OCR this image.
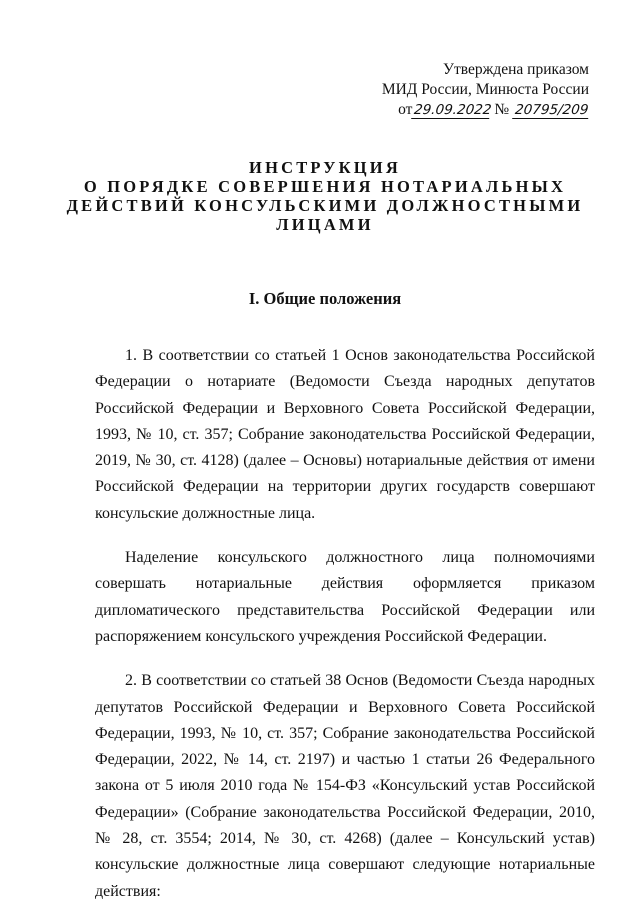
Утверждена приказом
МИД России, Минюста России
от29.09.2022 № 20795/209
ИНСТРУКЦИЯ
О ПОРЯДКЕ СОВЕРШЕНИЯ НОТАРИАЛЬНЫХ
ДЕЙСТВИЙ КОНСУЛЬСКИМИ ДОЛЖНОСТНЫМИ
ЛИЦАМИ
I. Общие положения

1. В соответствии со статьей 1 Основ законодательства Российской Федерации о нотариате (Ведомости Съезда народных депутатов Российской Федерации и Верховного Совета Российской Федерации, 1993, № 10, ст. 357; Собрание законодательства Российской Федерации, 2019, № 30, ст. 4128) (далее – Основы) нотариальные действия от имени Российской Федерации на территории других государств совершают консульские должностные лица.

Наделение консульского должностного лица полномочиями совершать нотариальные действия оформляется приказом дипломатического представительства Российской Федерации или распоряжением консульского учреждения Российской Федерации.

2. В соответствии со статьей 38 Основ (Ведомости Съезда народных депутатов Российской Федерации и Верховного Совета Российской Федерации, 1993, № 10, ст. 357; Собрание законодательства Российской Федерации, 2022, № 14, ст. 2197) и частью 1 статьи 26 Федерального закона от 5 июля 2010 года № 154-ФЗ «Консульский устав Российской Федерации» (Собрание законодательства Российской Федерации, 2010, № 28, ст. 3554; 2014, № 30, ст. 4268) (далее – Консульский устав) консульские должностные лица совершают следующие нотариальные действия:
